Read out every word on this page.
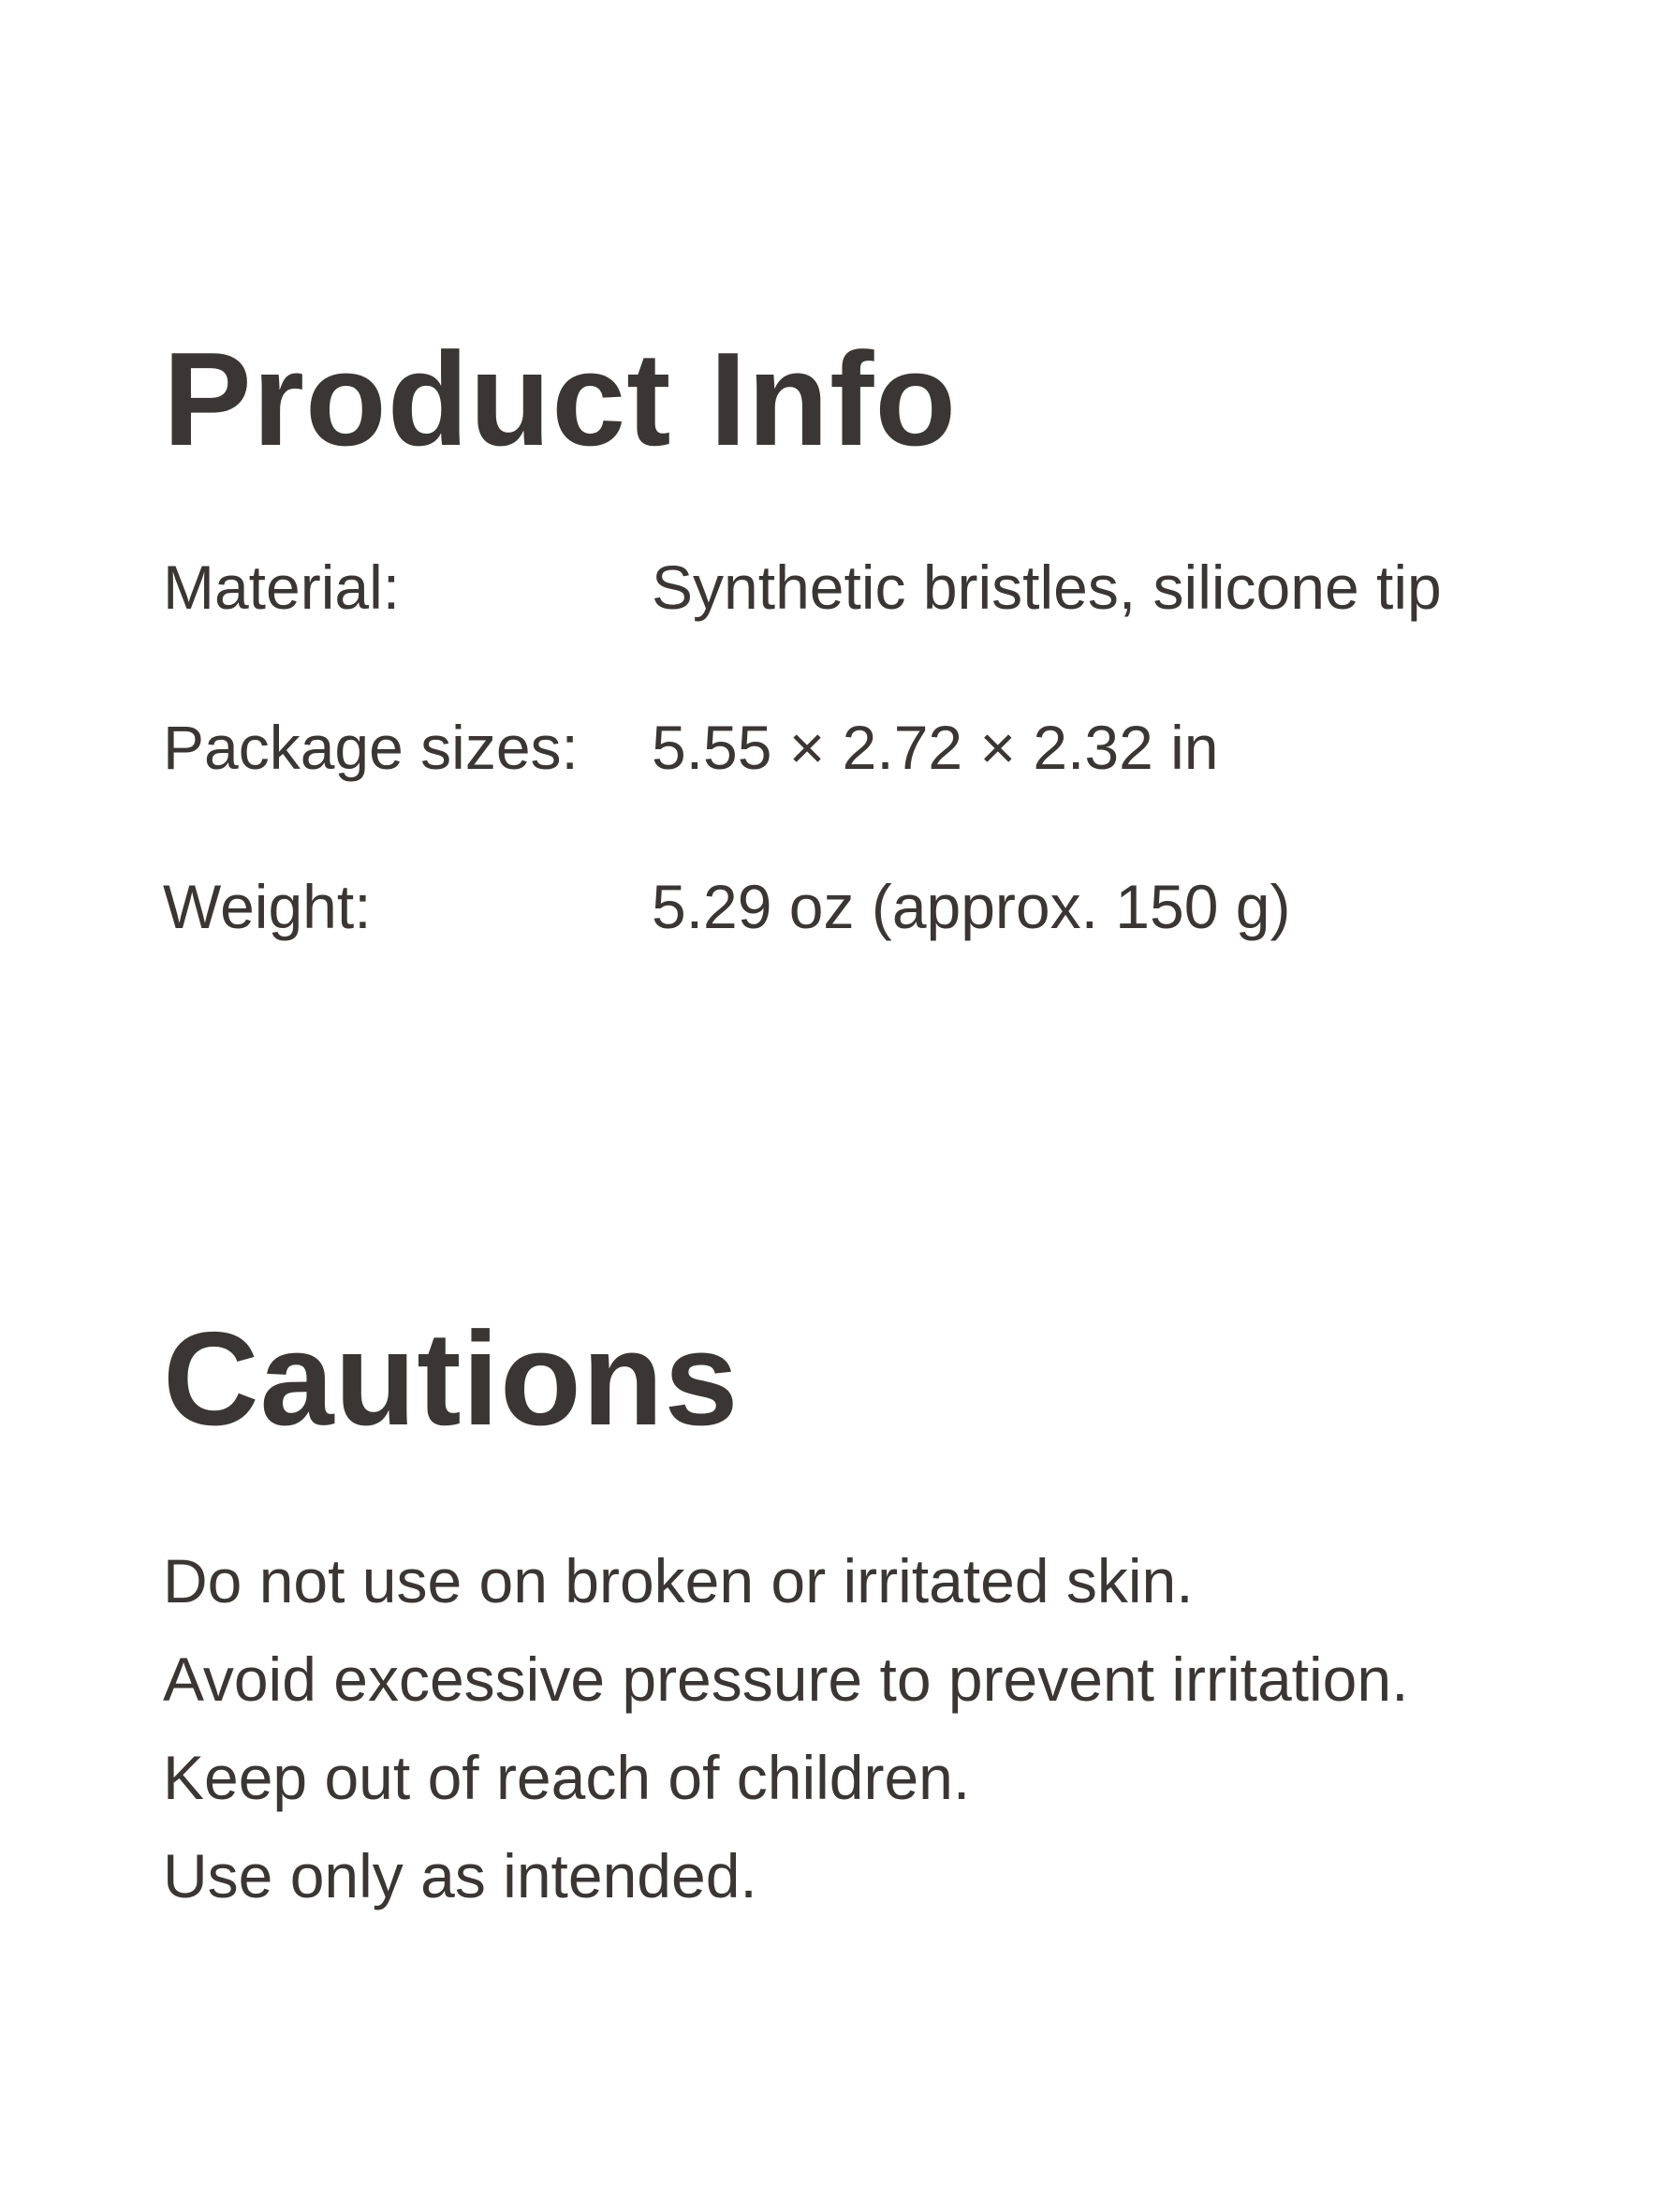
Product Info
Material:	Synthetic bristles, silicone tip
Package sizes: 5.55 × 2.72 × 2.32 in
Weight:	5.29 oz (approx. 150 g)
Cautions
Do not use on broken or irritated skin.
Avoid excessive pressure to prevent irritation.
Keep out of reach of children.
Use only as intended.
